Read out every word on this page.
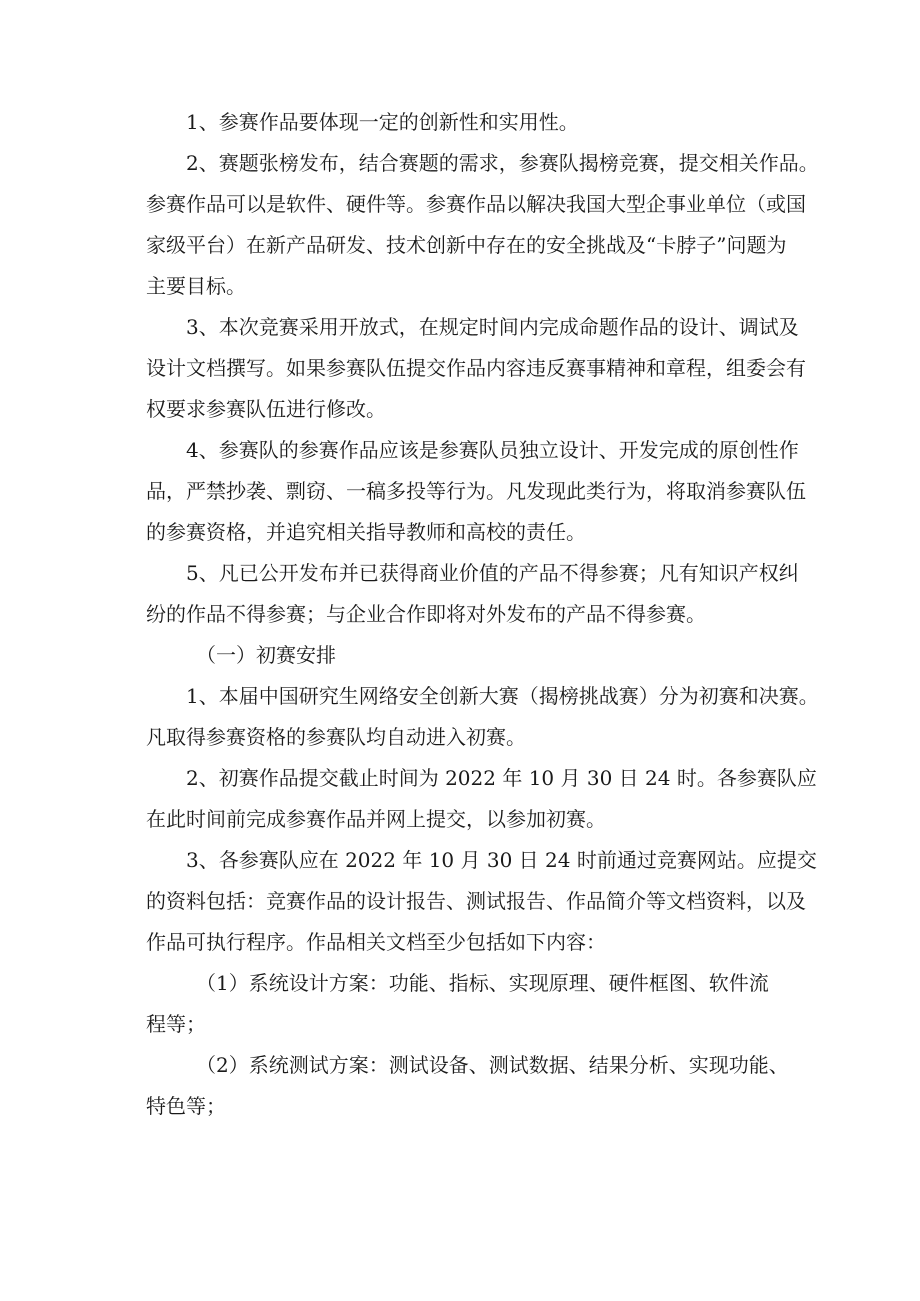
1、参赛作品要体现一定的创新性和实用性。

2、赛题张榜发布，结合赛题的需求，参赛队揭榜竞赛，提交相关作品。
参赛作品可以是软件、硬件等。参赛作品以解决我国大型企事业单位（或国
家级平台）在新产品研发、技术创新中存在的安全挑战及“卡脖子”问题为
主要目标。

3、本次竞赛采用开放式，在规定时间内完成命题作品的设计、调试及
设计文档撰写。如果参赛队伍提交作品内容违反赛事精神和章程，组委会有
权要求参赛队伍进行修改。

4、参赛队的参赛作品应该是参赛队员独立设计、开发完成的原创性作
品，严禁抄袭、剽窃、一稿多投等行为。凡发现此类行为，将取消参赛队伍
的参赛资格，并追究相关指导教师和高校的责任。

5、凡已公开发布并已获得商业价值的产品不得参赛；凡有知识产权纠
纷的作品不得参赛；与企业合作即将对外发布的产品不得参赛。

（一）初赛安排

1、本届中国研究生网络安全创新大赛（揭榜挑战赛）分为初赛和决赛。
凡取得参赛资格的参赛队均自动进入初赛。

2、初赛作品提交截止时间为 2022 年 10 月 30 日 24 时。各参赛队应
在此时间前完成参赛作品并网上提交，以参加初赛。

3、各参赛队应在 2022 年 10 月 30 日 24 时前通过竞赛网站。应提交
的资料包括：竞赛作品的设计报告、测试报告、作品简介等文档资料，以及
作品可执行程序。作品相关文档至少包括如下内容：

（1）系统设计方案：功能、指标、实现原理、硬件框图、软件流
程等；

（2）系统测试方案：测试设备、测试数据、结果分析、实现功能、
特色等；
